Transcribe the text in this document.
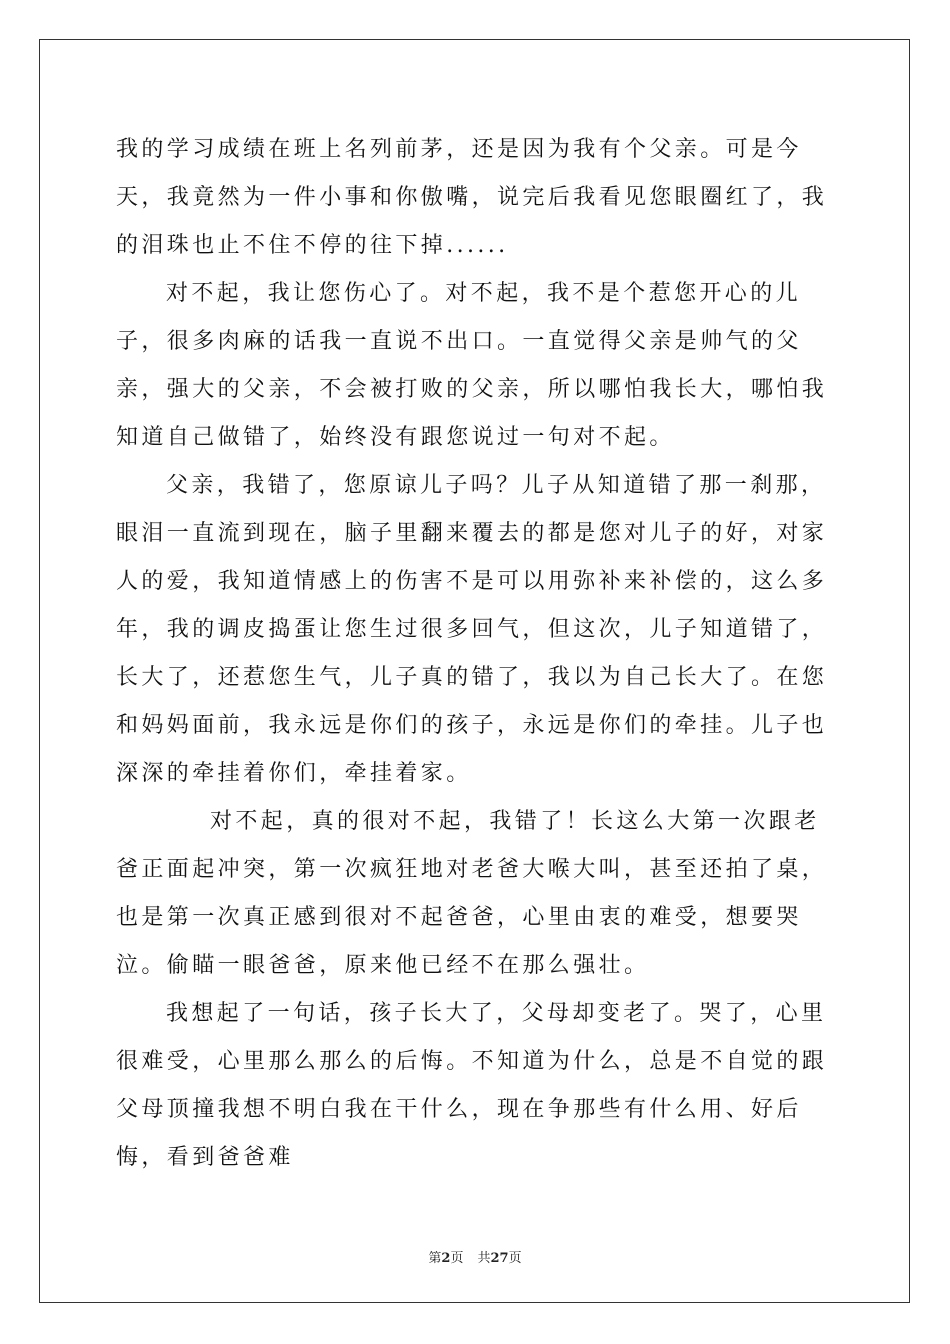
我的学习成绩在班上名列前茅，还是因为我有个父亲。可是今天，我竟然为一件小事和你傲嘴，说完后我看见您眼圈红了，我的泪珠也止不住不停的往下掉......

对不起，我让您伤心了。对不起，我不是个惹您开心的儿子，很多肉麻的话我一直说不出口。一直觉得父亲是帅气的父亲，强大的父亲，不会被打败的父亲，所以哪怕我长大，哪怕我知道自己做错了，始终没有跟您说过一句对不起。

父亲，我错了，您原谅儿子吗？儿子从知道错了那一刹那，眼泪一直流到现在，脑子里翻来覆去的都是您对儿子的好，对家人的爱，我知道情感上的伤害不是可以用弥补来补偿的，这么多年，我的调皮捣蛋让您生过很多回气，但这次，儿子知道错了，长大了，还惹您生气，儿子真的错了，我以为自己长大了。在您和妈妈面前，我永远是你们的孩子，永远是你们的牵挂。儿子也深深的牵挂着你们，牵挂着家。

对不起，真的很对不起，我错了！长这么大第一次跟老爸正面起冲突，第一次疯狂地对老爸大喉大叫，甚至还拍了桌，也是第一次真正感到很对不起爸爸，心里由衷的难受，想要哭泣。偷瞄一眼爸爸，原来他已经不在那么强壮。

我想起了一句话，孩子长大了，父母却变老了。哭了，心里很难受，心里那么那么的后悔。不知道为什么，总是不自觉的跟父母顶撞我想不明白我在干什么，现在争那些有什么用、好后悔，看到爸爸难

第2页 共27页
